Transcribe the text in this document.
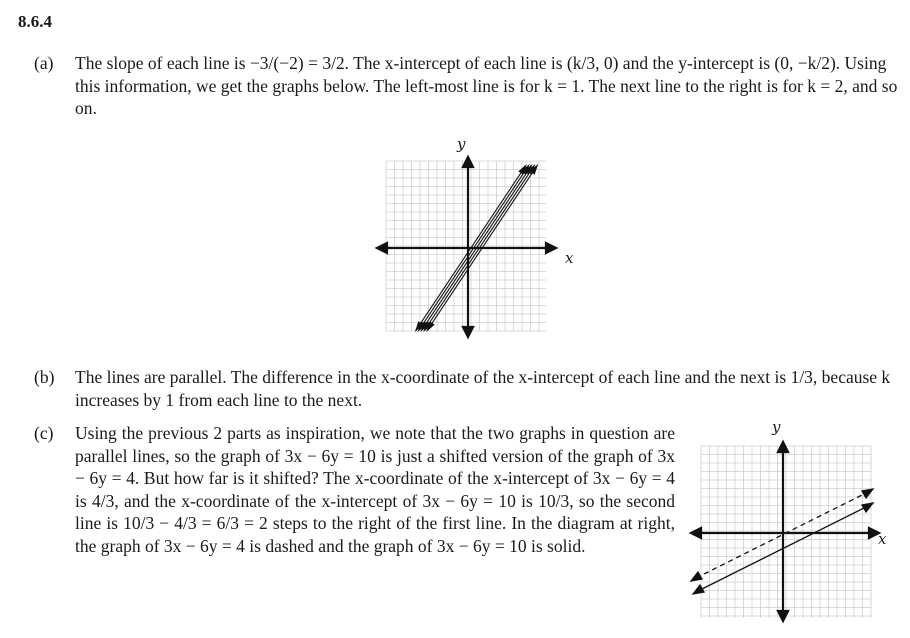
8.6.4
(a) The slope of each line is −3/(−2) = 3/2. The x-intercept of each line is (k/3, 0) and the y-intercept is (0, −k/2). Using this information, we get the graphs below. The left-most line is for k = 1. The next line to the right is for k = 2, and so on.
y
x
(b) The lines are parallel. The difference in the x-coordinate of the x-intercept of each line and the next is 1/3, because k increases by 1 from each line to the next.
(c) Using the previous 2 parts as inspiration, we note that the two graphs in question are parallel lines, so the graph of 3x − 6y = 10 is just a shifted version of the graph of 3x − 6y = 4. But how far is it shifted? The x-coordinate of the x-intercept of 3x − 6y = 4 is 4/3, and the x-coordinate of the x-intercept of 3x − 6y = 10 is 10/3, so the second line is 10/3 − 4/3 = 6/3 = 2 steps to the right of the first line. In the diagram at right, the graph of 3x − 6y = 4 is dashed and the graph of 3x − 6y = 10 is solid.
y
x
